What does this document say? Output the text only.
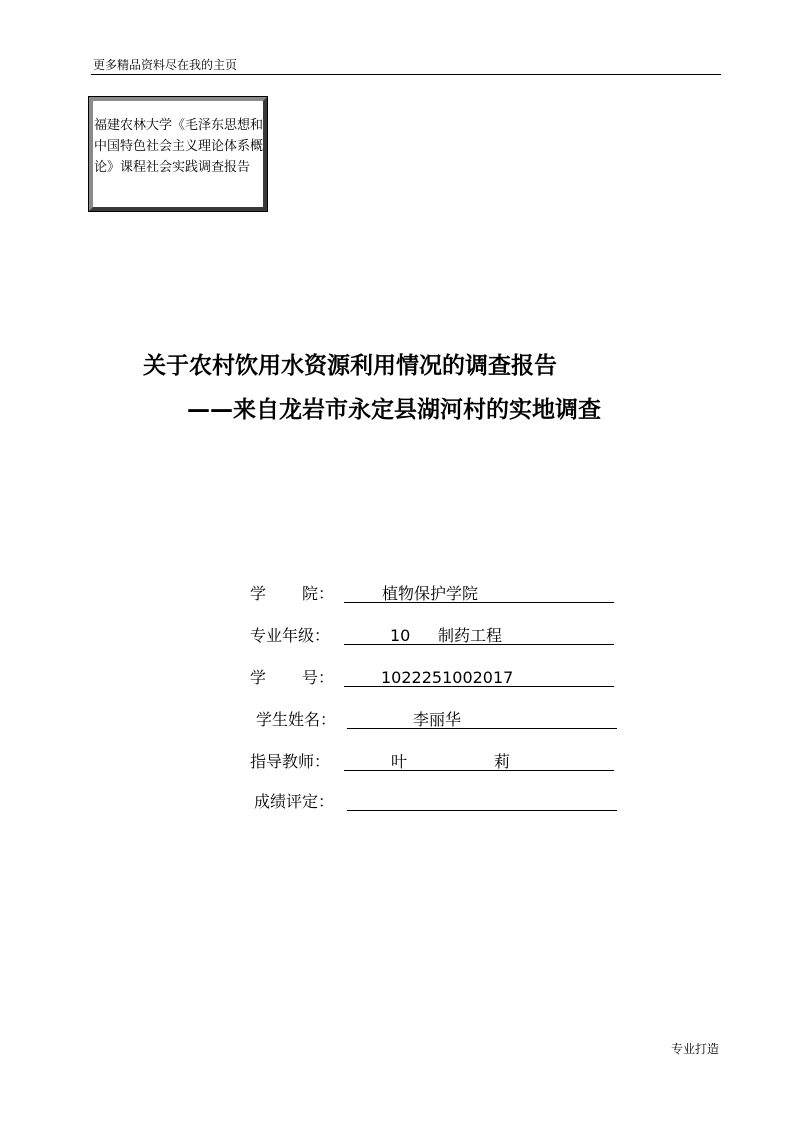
更多精品资料尽在我的主页
福建农林大学《毛泽东思想和中国特色社会主义理论体系概论》课程社会实践调查报告
关于农村饮用水资源利用情况的调查报告
——来自龙岩市永定县湖河村的实地调查
学 院：	植物保护学院
专业年级：	10 制药工程
学 号：	1022251002017
学生姓名：	李丽华
指导教师：	叶	莉
成绩评定：
专业打造
